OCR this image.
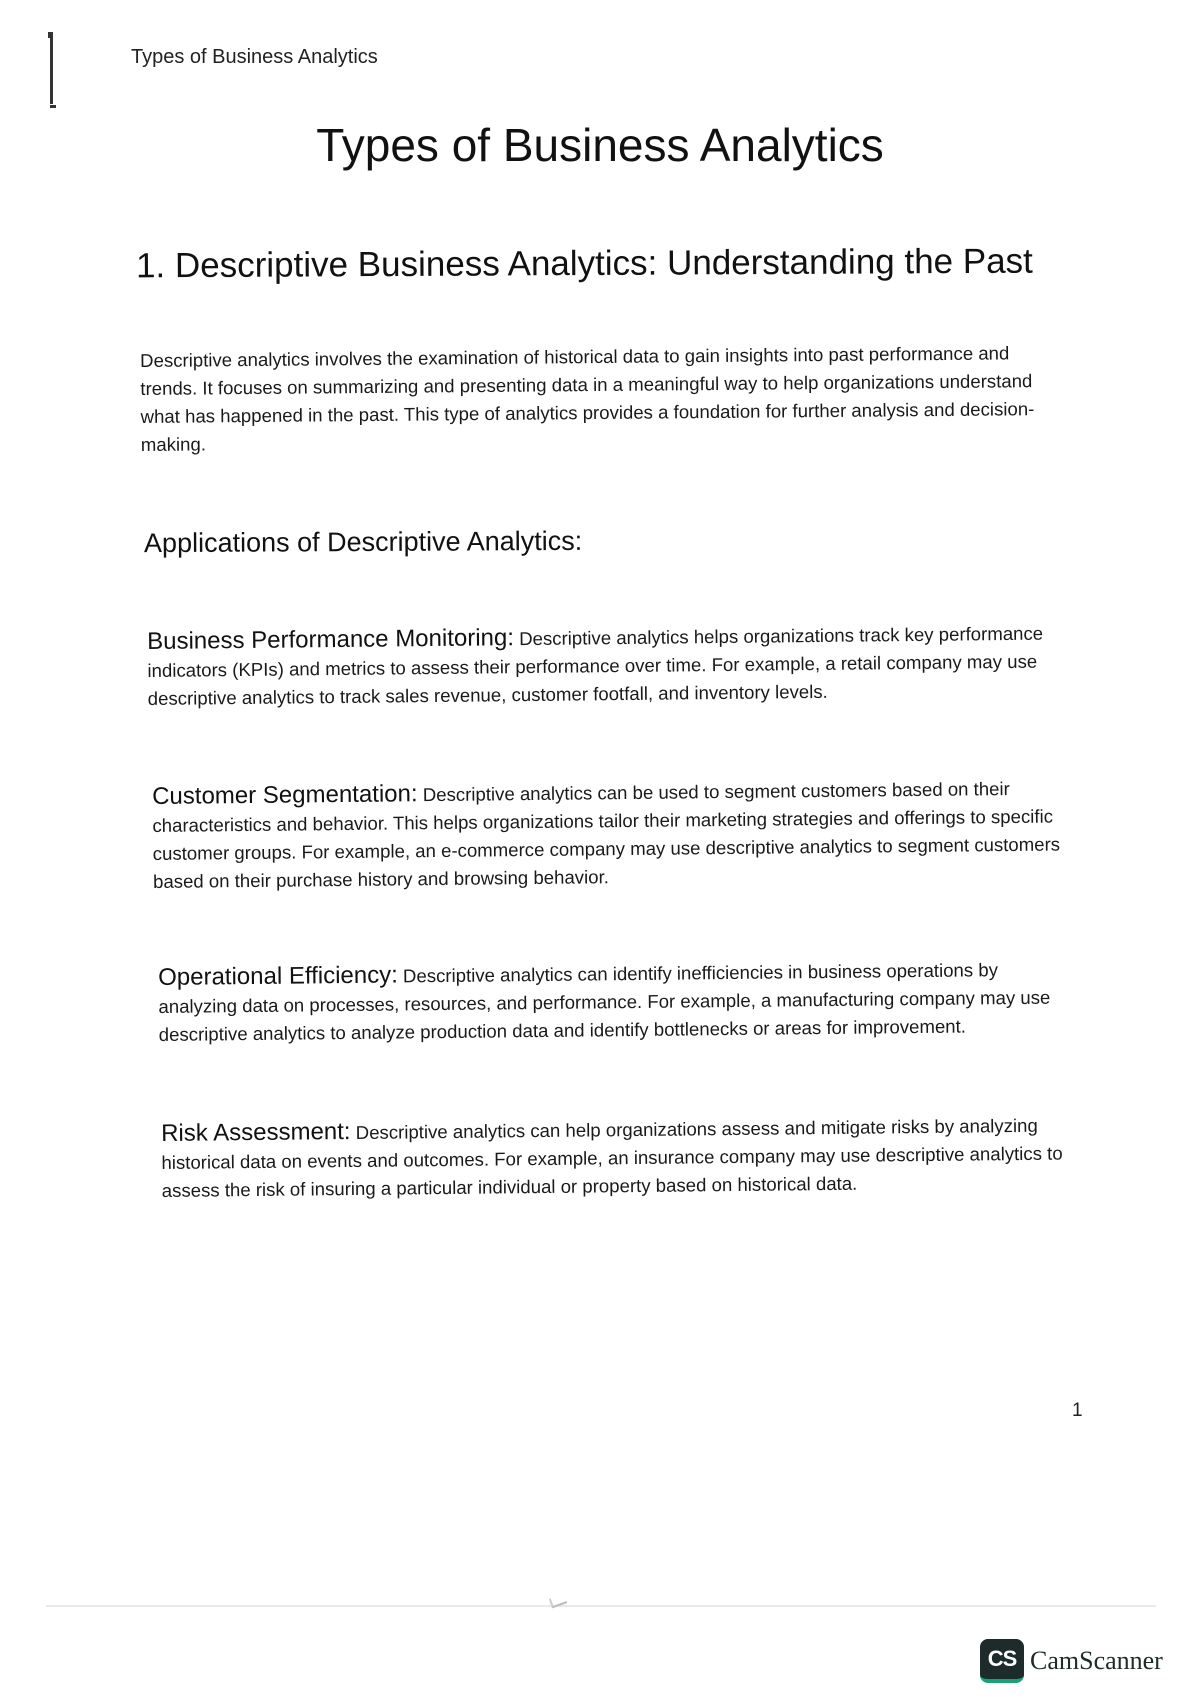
Types of Business Analytics
Types of Business Analytics
1. Descriptive Business Analytics: Understanding the Past

Descriptive analytics involves the examination of historical data to gain insights into past performance and trends. It focuses on summarizing and presenting data in a meaningful way to help organizations understand what has happened in the past. This type of analytics provides a foundation for further analysis and decision-making.

Applications of Descriptive Analytics:

Business Performance Monitoring: Descriptive analytics helps organizations track key performance indicators (KPIs) and metrics to assess their performance over time. For example, a retail company may use descriptive analytics to track sales revenue, customer footfall, and inventory levels.

Customer Segmentation: Descriptive analytics can be used to segment customers based on their characteristics and behavior. This helps organizations tailor their marketing strategies and offerings to specific customer groups. For example, an e-commerce company may use descriptive analytics to segment customers based on their purchase history and browsing behavior.

Operational Efficiency: Descriptive analytics can identify inefficiencies in business operations by analyzing data on processes, resources, and performance. For example, a manufacturing company may use descriptive analytics to analyze production data and identify bottlenecks or areas for improvement.

Risk Assessment: Descriptive analytics can help organizations assess and mitigate risks by analyzing historical data on events and outcomes. For example, an insurance company may use descriptive analytics to assess the risk of insuring a particular individual or property based on historical data.

1
CS CamScanner
